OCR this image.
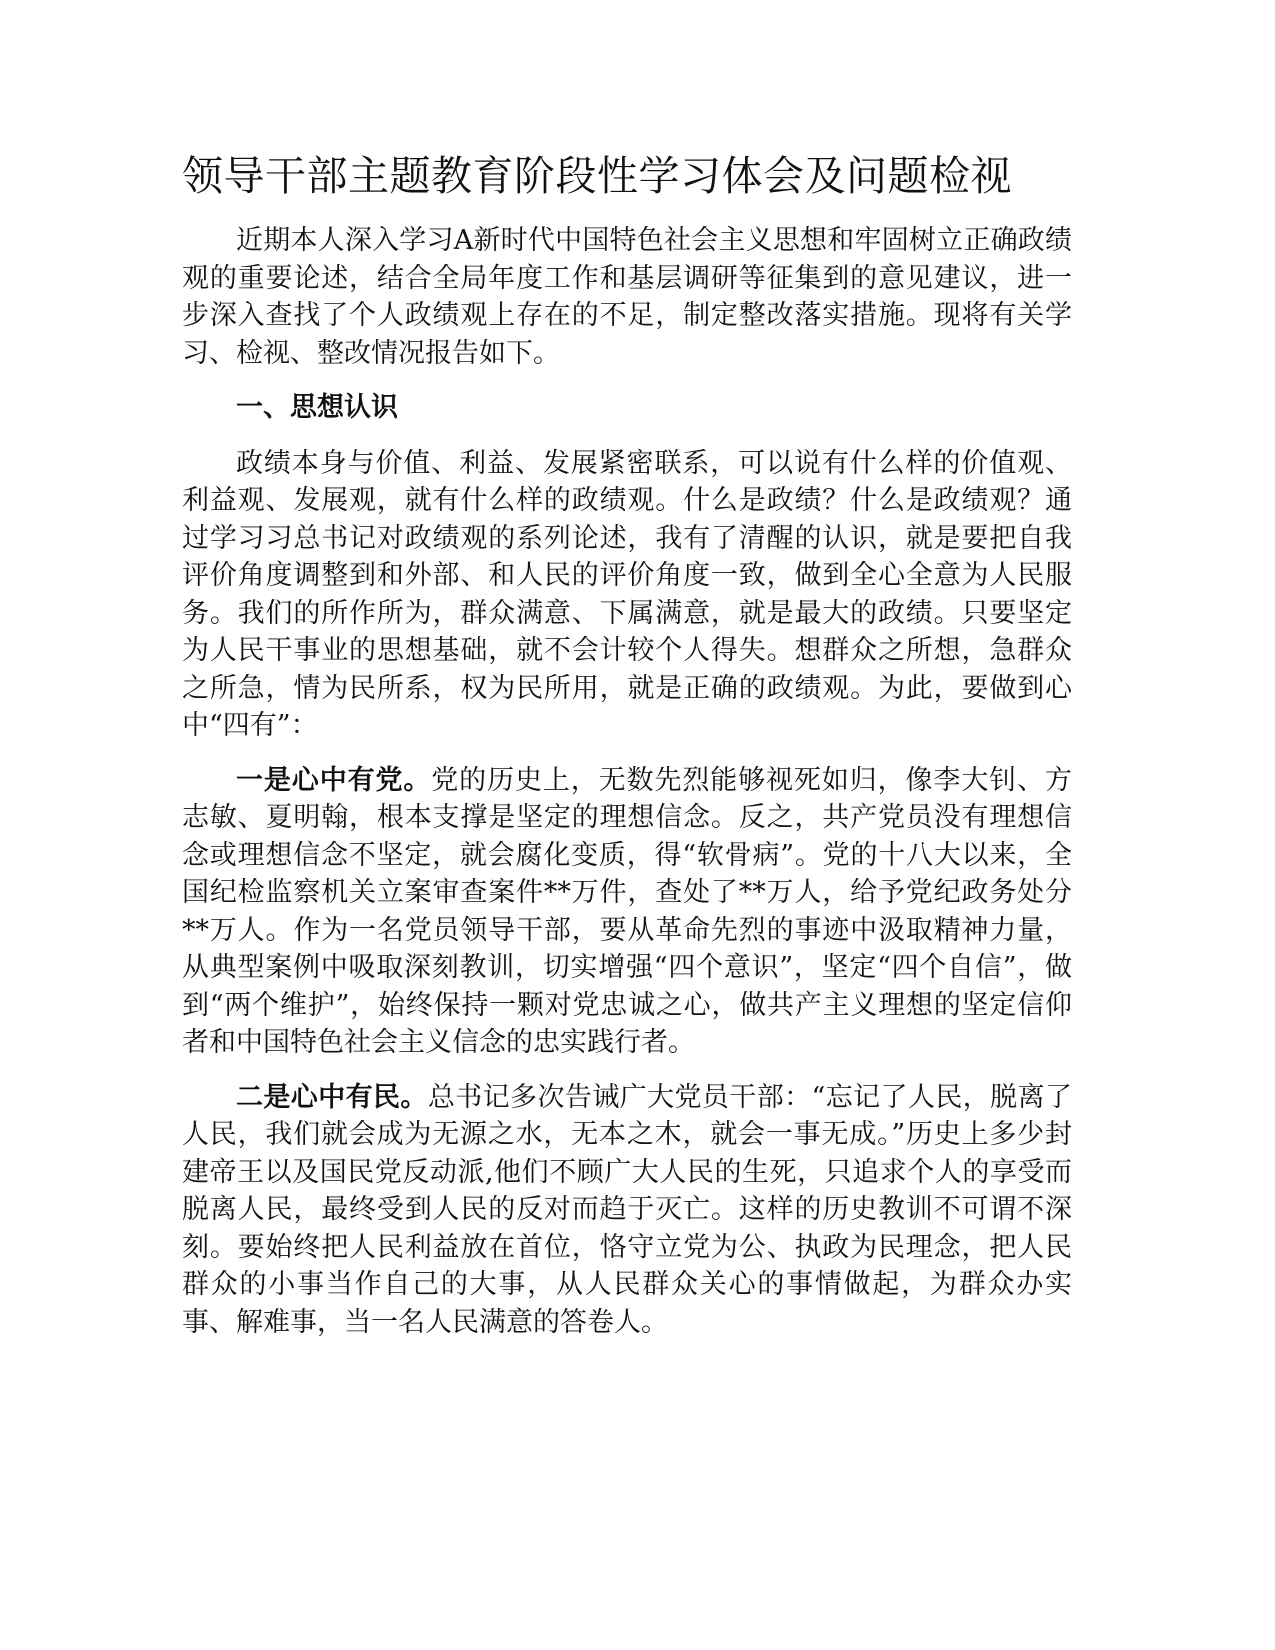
领导干部主题教育阶段性学习体会及问题检视

近期本人深入学习A新时代中国特色社会主义思想和牢固树立正确政绩观的重要论述，结合全局年度工作和基层调研等征集到的意见建议，进一步深入查找了个人政绩观上存在的不足，制定整改落实措施。现将有关学习、检视、整改情况报告如下。

一、思想认识

政绩本身与价值、利益、发展紧密联系，可以说有什么样的价值观、利益观、发展观，就有什么样的政绩观。什么是政绩？什么是政绩观？通过学习习总书记对政绩观的系列论述，我有了清醒的认识，就是要把自我评价角度调整到和外部、和人民的评价角度一致，做到全心全意为人民服务。我们的所作所为，群众满意、下属满意，就是最大的政绩。只要坚定为人民干事业的思想基础，就不会计较个人得失。想群众之所想，急群众之所急，情为民所系，权为民所用，就是正确的政绩观。为此，要做到心中“四有”：

一是心中有党。党的历史上，无数先烈能够视死如归，像李大钊、方志敏、夏明翰，根本支撑是坚定的理想信念。反之，共产党员没有理想信念或理想信念不坚定，就会腐化变质，得“软骨病”。党的十八大以来，全国纪检监察机关立案审查案件**万件，查处了**万人，给予党纪政务处分**万人。作为一名党员领导干部，要从革命先烈的事迹中汲取精神力量，从典型案例中吸取深刻教训，切实增强“四个意识”，坚定“四个自信”，做到“两个维护”，始终保持一颗对党忠诚之心，做共产主义理想的坚定信仰者和中国特色社会主义信念的忠实践行者。

二是心中有民。总书记多次告诫广大党员干部：“忘记了人民，脱离了人民，我们就会成为无源之水，无本之木，就会一事无成。”历史上多少封建帝王以及国民党反动派,他们不顾广大人民的生死，只追求个人的享受而脱离人民，最终受到人民的反对而趋于灭亡。这样的历史教训不可谓不深刻。要始终把人民利益放在首位，恪守立党为公、执政为民理念，把人民群众的小事当作自己的大事，从人民群众关心的事情做起，为群众办实事、解难事，当一名人民满意的答卷人。
